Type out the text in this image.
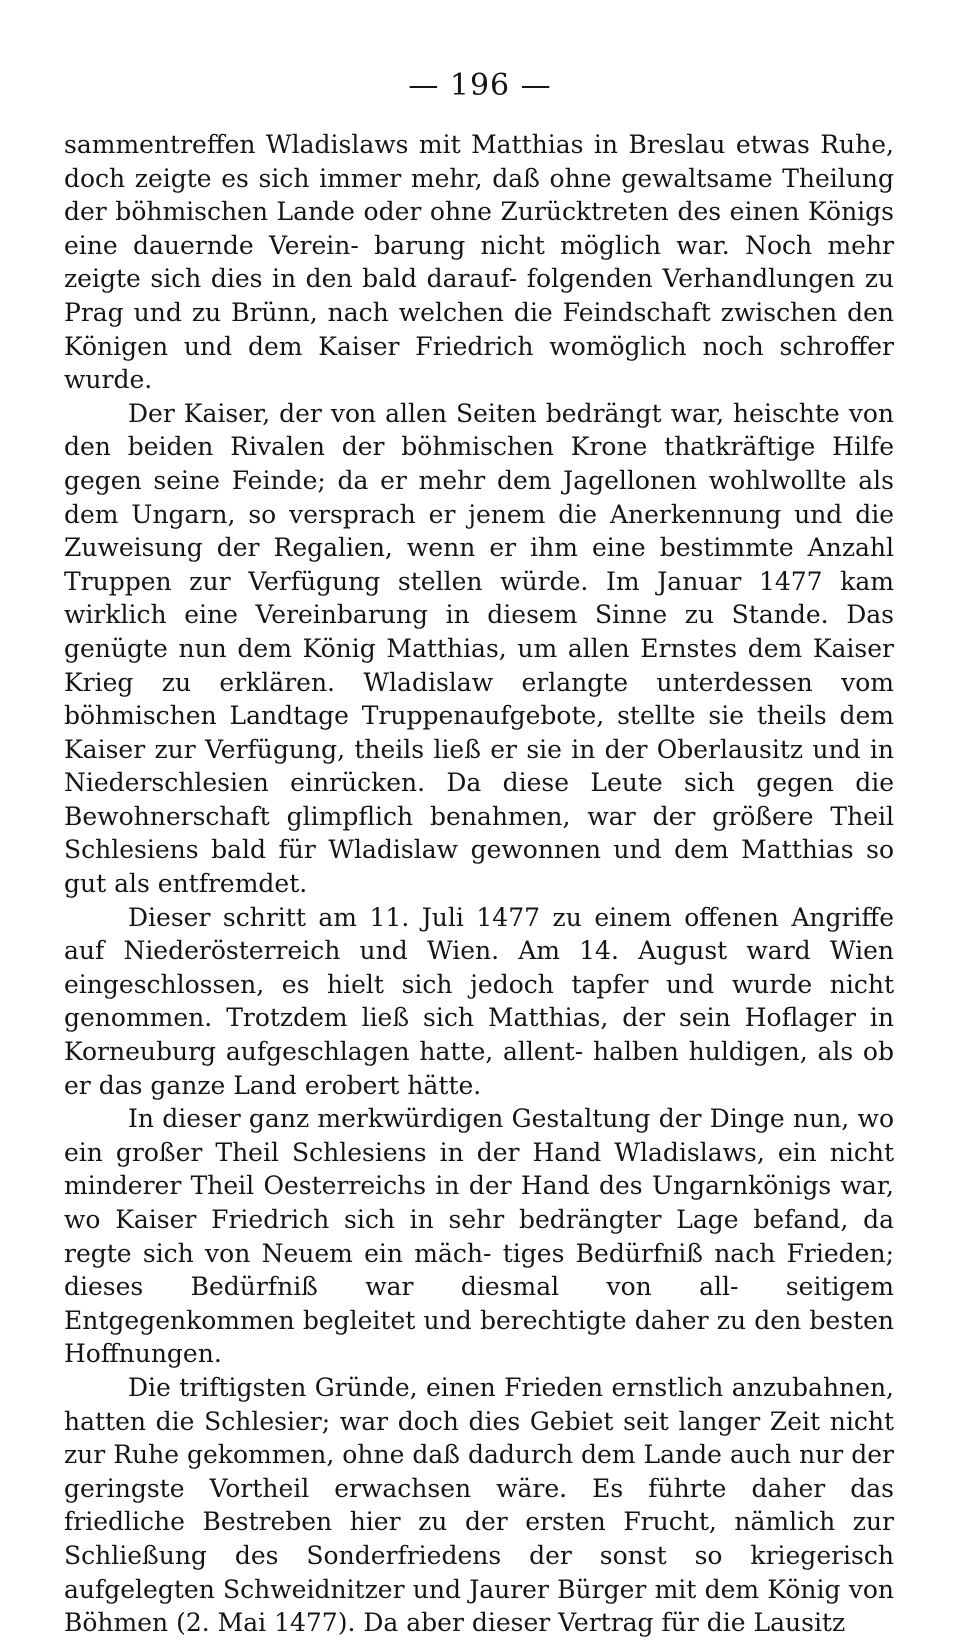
— 196 —

sammentreffen Wladislaws mit Matthias in Breslau etwas Ruhe, doch zeigte es sich immer mehr, daß ohne gewaltsame Theilung der böhmischen Lande oder ohne Zurücktreten des einen Königs eine dauernde Verein- barung nicht möglich war. Noch mehr zeigte sich dies in den bald darauf- folgenden Verhandlungen zu Prag und zu Brünn, nach welchen die Feindschaft zwischen den Königen und dem Kaiser Friedrich womöglich noch schroffer wurde.

Der Kaiser, der von allen Seiten bedrängt war, heischte von den beiden Rivalen der böhmischen Krone thatkräftige Hilfe gegen seine Feinde; da er mehr dem Jagellonen wohlwollte als dem Ungarn, so versprach er jenem die Anerkennung und die Zuweisung der Regalien, wenn er ihm eine bestimmte Anzahl Truppen zur Verfügung stellen würde. Im Januar 1477 kam wirklich eine Vereinbarung in diesem Sinne zu Stande. Das genügte nun dem König Matthias, um allen Ernstes dem Kaiser Krieg zu erklären. Wladislaw erlangte unterdessen vom böhmischen Landtage Truppenaufgebote, stellte sie theils dem Kaiser zur Verfügung, theils ließ er sie in der Oberlausitz und in Niederschlesien einrücken. Da diese Leute sich gegen die Bewohnerschaft glimpflich benahmen, war der größere Theil Schlesiens bald für Wladislaw gewonnen und dem Matthias so gut als entfremdet.

Dieser schritt am 11. Juli 1477 zu einem offenen Angriffe auf Niederösterreich und Wien. Am 14. August ward Wien eingeschlossen, es hielt sich jedoch tapfer und wurde nicht genommen. Trotzdem ließ sich Matthias, der sein Hoflager in Korneuburg aufgeschlagen hatte, allent- halben huldigen, als ob er das ganze Land erobert hätte.

In dieser ganz merkwürdigen Gestaltung der Dinge nun, wo ein großer Theil Schlesiens in der Hand Wladislaws, ein nicht minderer Theil Oesterreichs in der Hand des Ungarnkönigs war, wo Kaiser Friedrich sich in sehr bedrängter Lage befand, da regte sich von Neuem ein mäch- tiges Bedürfniß nach Frieden; dieses Bedürfniß war diesmal von all- seitigem Entgegenkommen begleitet und berechtigte daher zu den besten Hoffnungen.

Die triftigsten Gründe, einen Frieden ernstlich anzubahnen, hatten die Schlesier; war doch dies Gebiet seit langer Zeit nicht zur Ruhe gekommen, ohne daß dadurch dem Lande auch nur der geringste Vortheil erwachsen wäre. Es führte daher das friedliche Bestreben hier zu der ersten Frucht, nämlich zur Schließung des Sonderfriedens der sonst so kriegerisch aufgelegten Schweidnitzer und Jaurer Bürger mit dem König von Böhmen (2. Mai 1477). Da aber dieser Vertrag für die Lausitz
